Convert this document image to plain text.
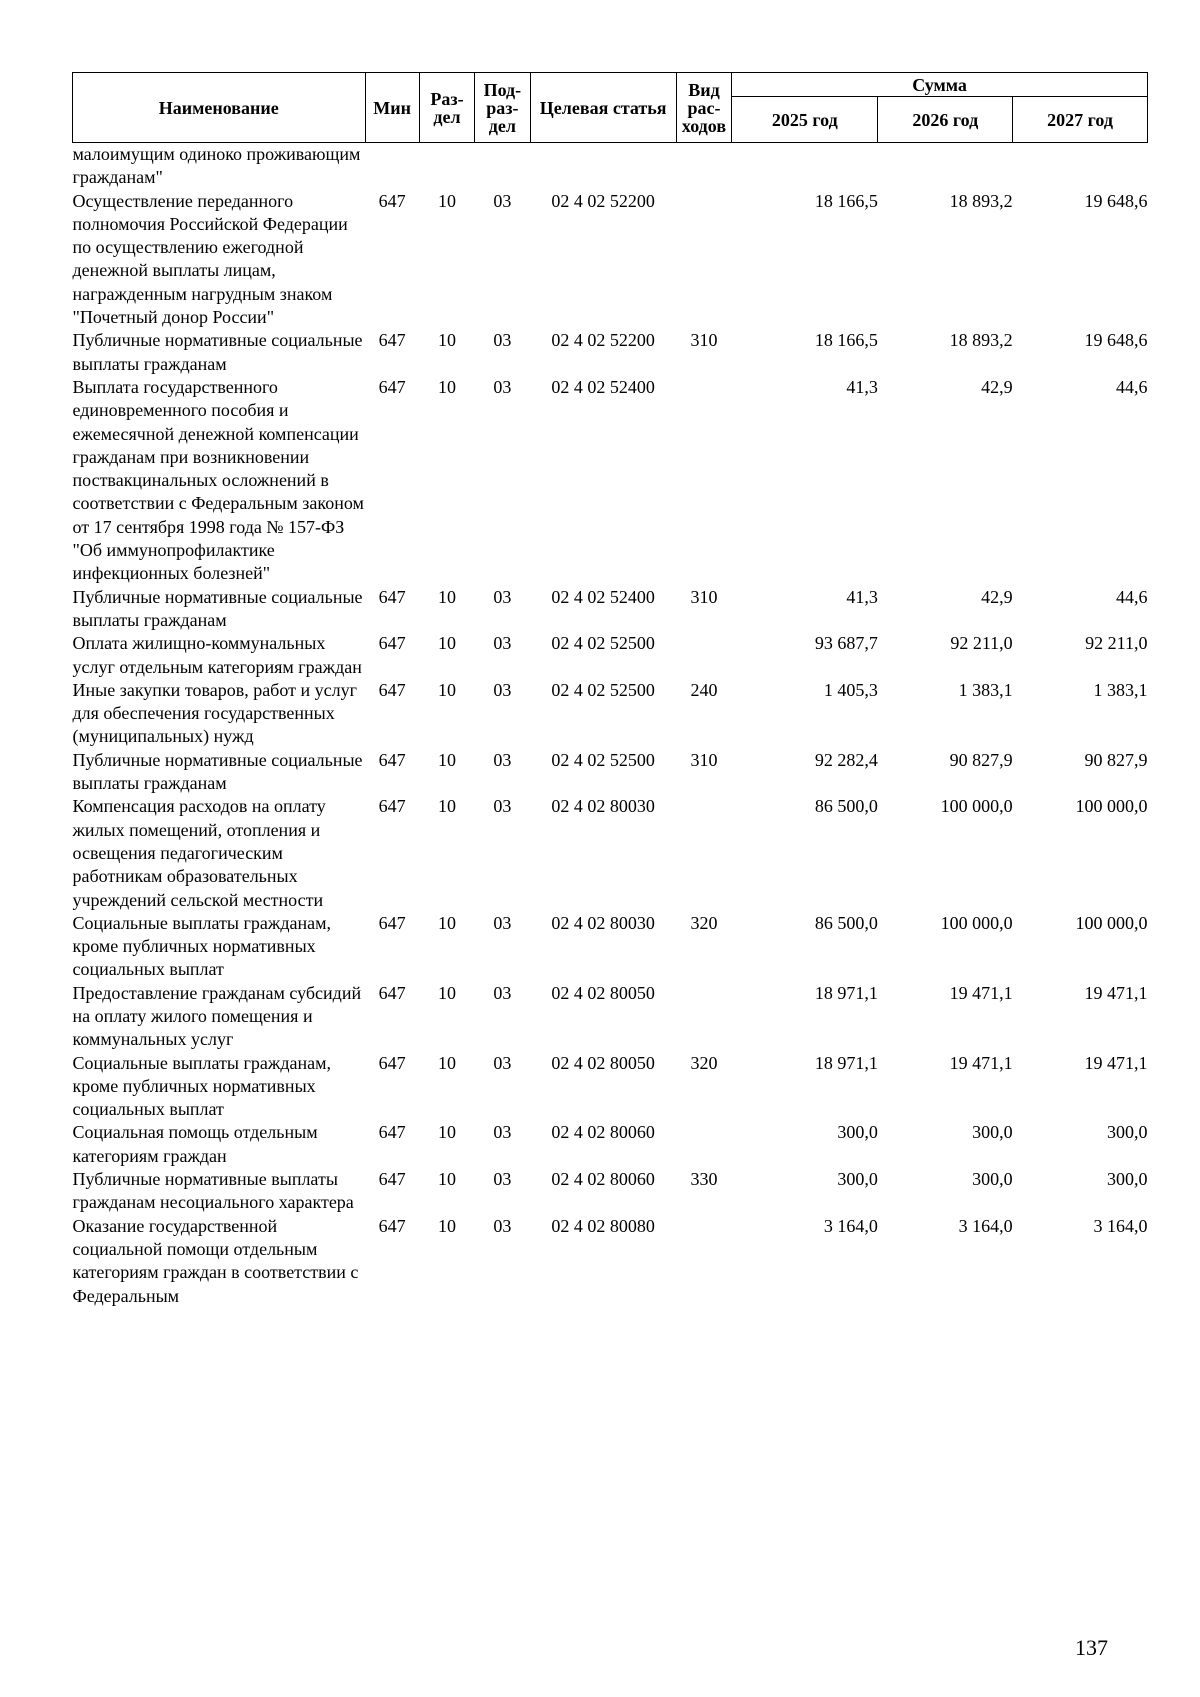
Наименование	Мин	Раз-дел	Под-раз-дел	Целевая статья	Вид рас-ходов	Сумма		
						2025 год	2026 год	2027 год
малоимущим одиноко проживающим гражданам"								
Осуществление переданного полномочия Российской Федерации по осуществлению ежегодной денежной выплаты лицам, награжденным нагрудным знаком "Почетный донор России"	647	10	03	02 4 02 52200		18 166,5	18 893,2	19 648,6
Публичные нормативные социальные выплаты гражданам	647	10	03	02 4 02 52200	310	18 166,5	18 893,2	19 648,6
Выплата государственного единовременного пособия и ежемесячной денежной компенсации гражданам при возникновении поствакцинальных осложнений в соответствии с Федеральным законом от 17 сентября 1998 года № 157-ФЗ "Об иммунопрофилактике инфекционных болезней"	647	10	03	02 4 02 52400		41,3	42,9	44,6
Публичные нормативные социальные выплаты гражданам	647	10	03	02 4 02 52400	310	41,3	42,9	44,6
Оплата жилищно-коммунальных услуг отдельным категориям граждан	647	10	03	02 4 02 52500		93 687,7	92 211,0	92 211,0
Иные закупки товаров, работ и услуг для обеспечения государственных (муниципальных) нужд	647	10	03	02 4 02 52500	240	1 405,3	1 383,1	1 383,1
Публичные нормативные социальные выплаты гражданам	647	10	03	02 4 02 52500	310	92 282,4	90 827,9	90 827,9
Компенсация расходов на оплату жилых помещений, отопления и освещения педагогическим работникам образовательных учреждений сельской местности	647	10	03	02 4 02 80030		86 500,0	100 000,0	100 000,0
Социальные выплаты гражданам, кроме публичных нормативных социальных выплат	647	10	03	02 4 02 80030	320	86 500,0	100 000,0	100 000,0
Предоставление гражданам субсидий на оплату жилого помещения и коммунальных услуг	647	10	03	02 4 02 80050		18 971,1	19 471,1	19 471,1
Социальные выплаты гражданам, кроме публичных нормативных социальных выплат	647	10	03	02 4 02 80050	320	18 971,1	19 471,1	19 471,1
Социальная помощь отдельным категориям граждан	647	10	03	02 4 02 80060		300,0	300,0	300,0
Публичные нормативные выплаты гражданам несоциального характера	647	10	03	02 4 02 80060	330	300,0	300,0	300,0
Оказание государственной социальной помощи отдельным категориям граждан в соответствии с Федеральным	647	10	03	02 4 02 80080		3 164,0	3 164,0	3 164,0
137
